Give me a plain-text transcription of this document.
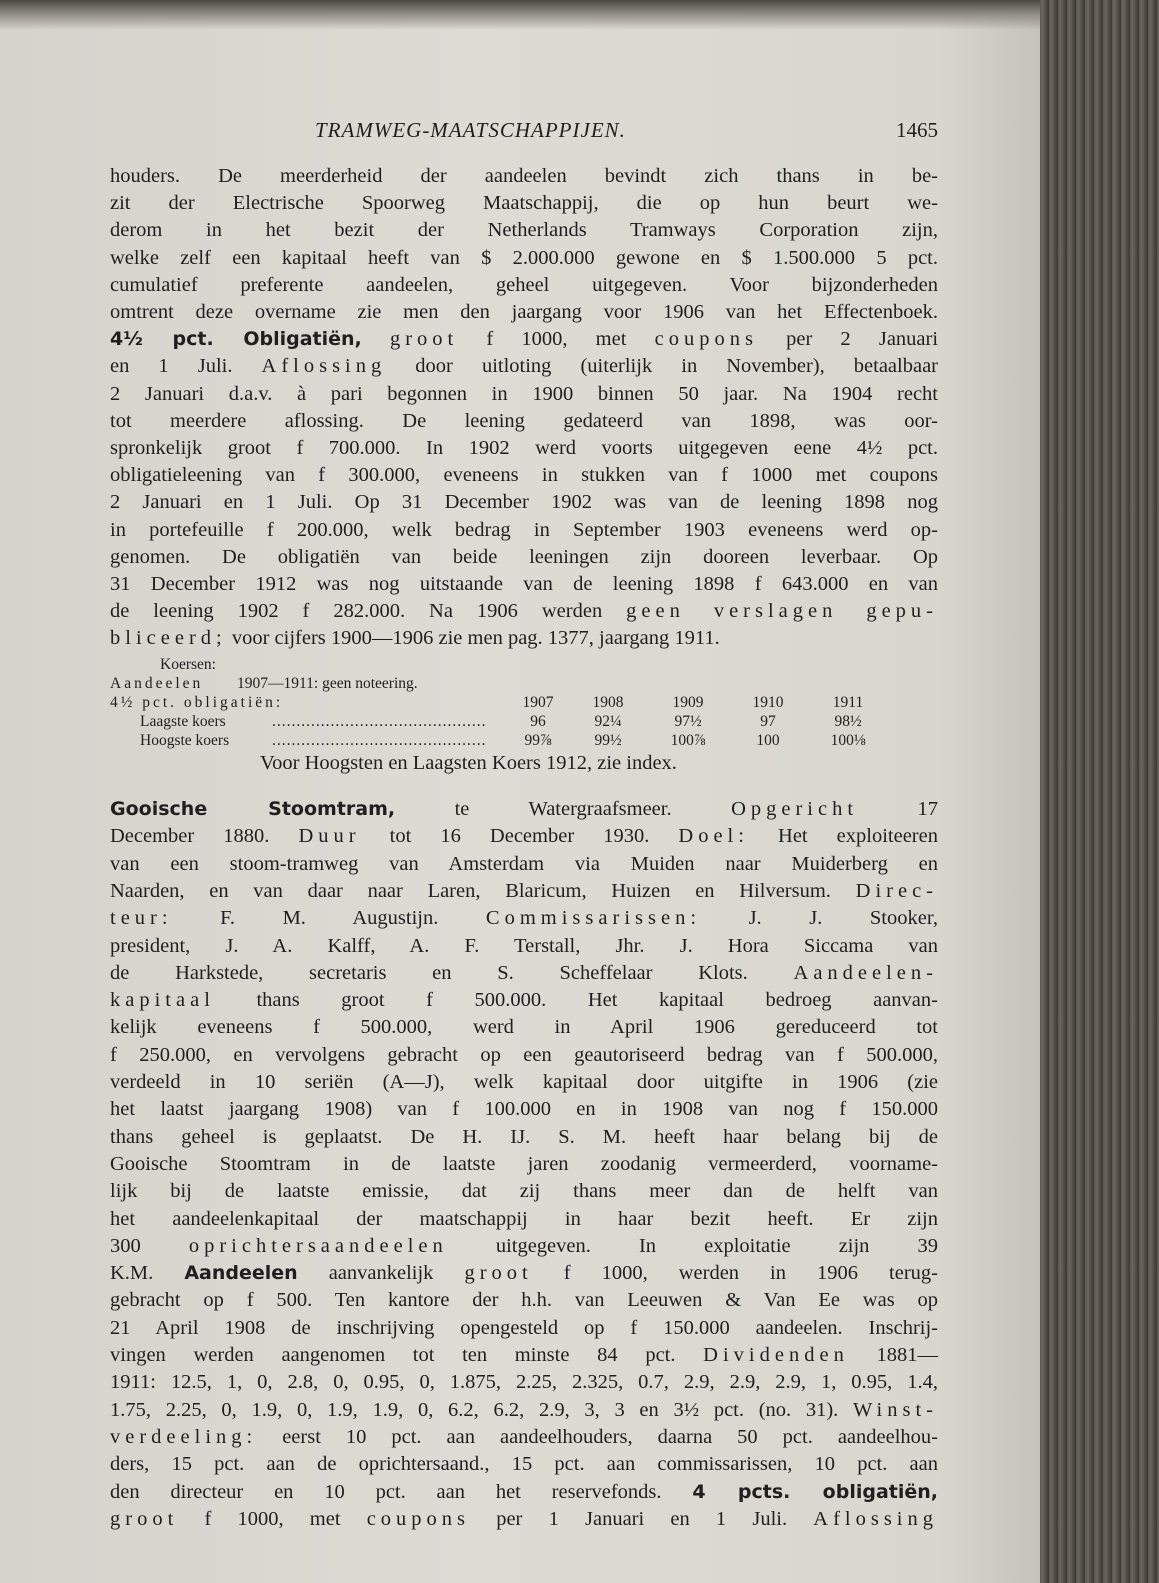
TRAMWEG-MAATSCHAPPIJEN.	1465
houders. De meerderheid der aandeelen bevindt zich thans in be-
zit der Electrische Spoorweg Maatschappij, die op hun beurt we-
derom in het bezit der Netherlands Tramways Corporation zijn,
welke zelf een kapitaal heeft van $ 2.000.000 gewone en $ 1.500.000 5 pct.
cumulatief preferente aandeelen, geheel uitgegeven. Voor bijzonderheden
omtrent deze overname zie men den jaargang voor 1906 van het Effectenboek.
4½ pct. Obligatiën, groot f 1000, met coupons per 2 Januari
en 1 Juli. Aflossing door uitloting (uiterlijk in November), betaalbaar
2 Januari d.a.v. à pari begonnen in 1900 binnen 50 jaar. Na 1904 recht
tot meerdere aflossing. De leening gedateerd van 1898, was oor-
spronkelijk groot f 700.000. In 1902 werd voorts uitgegeven eene 4½ pct.
obligatieleening van f 300.000, eveneens in stukken van f 1000 met coupons
2 Januari en 1 Juli. Op 31 December 1902 was van de leening 1898 nog
in portefeuille f 200.000, welk bedrag in September 1903 eveneens werd op-
genomen. De obligatiën van beide leeningen zijn dooreen leverbaar. Op
31 December 1912 was nog uitstaande van de leening 1898 f 643.000 en van
de leening 1902 f 282.000. Na 1906 werden geen verslagen gepu-
bliceerd; voor cijfers 1900—1906 zie men pag. 1377, jaargang 1911.
Koersen:
Aandeelen 1907—1911: geen noteering.
4½ pct. obligatiën:	1907	1908	1909	1910	1911
Laagste koers	............................................	96	92¼	97½	97	98½
Hoogste koers	............................................	99⅞	99½	100⅞	100	100⅛
Voor Hoogsten en Laagsten Koers 1912, zie index.
Gooische Stoomtram,	te Watergraafsmeer. Opgericht 17
December 1880. Duur tot 16 December 1930. Doel: Het exploiteeren
van een stoom-tramweg van Amsterdam via Muiden naar Muiderberg en
Naarden, en van daar naar Laren, Blaricum, Huizen en Hilversum. Direc-
teur: F. M. Augustijn. Commissarissen: J. J. Stooker,
president, J. A. Kalff, A. F. Terstall, Jhr. J. Hora Siccama van
de Harkstede, secretaris en S. Scheffelaar Klots. Aandeelen-
kapitaal thans groot f 500.000. Het kapitaal bedroeg aanvan-
kelijk eveneens f 500.000, werd in April 1906 gereduceerd tot
f 250.000, en vervolgens gebracht op een geautoriseerd bedrag van f 500.000,
verdeeld in 10 seriën (A—J), welk kapitaal door uitgifte in 1906 (zie
het laatst jaargang 1908) van f 100.000 en in 1908 van nog f 150.000
thans geheel is geplaatst. De H. IJ. S. M. heeft haar belang bij de
Gooische Stoomtram in de laatste jaren zoodanig vermeerderd, voorname-
lijk bij de laatste emissie, dat zij thans meer dan de helft van
het aandeelenkapitaal der maatschappij in haar bezit heeft. Er zijn
300 oprichtersaandeelen uitgegeven. In exploitatie zijn 39
K.M. Aandeelen aanvankelijk groot f 1000, werden in 1906 terug-
gebracht op f 500. Ten kantore der h.h. van Leeuwen & Van Ee was op
21 April 1908 de inschrijving opengesteld op f 150.000 aandeelen. Inschrij-
vingen werden aangenomen tot ten minste 84 pct. Dividenden 1881—
1911: 12.5, 1, 0, 2.8, 0, 0.95, 0, 1.875, 2.25, 2.325, 0.7, 2.9, 2.9, 2.9, 1, 0.95, 1.4,
1.75, 2.25, 0, 1.9, 0, 1.9, 1.9, 0, 6.2, 6.2, 2.9, 3, 3 en 3½ pct. (no. 31). Winst-
verdeeling: eerst 10 pct. aan aandeelhouders, daarna 50 pct. aandeelhou-
ders, 15 pct. aan de oprichtersaand., 15 pct. aan commissarissen, 10 pct. aan
den directeur en 10 pct. aan het reservefonds. 4 pcts. obligatiën,
groot f 1000, met coupons per 1 Januari en 1 Juli. Aflossing
